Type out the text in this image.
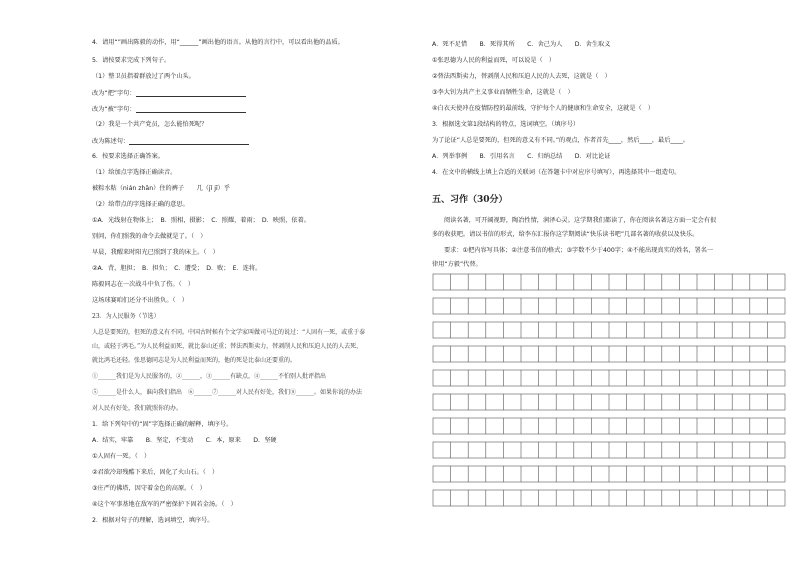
4．请用“”画出陈毅的动作，用“______”画出他的语言。从他的言行中，可以看出他的品质。
5．请按要求完成下列句子。
（1）整卫员指着群放过了两个山头。
改为“把”字句：
改为“被”字句：
（2）我是一个共产党员，怎么能怕死呢？
改为陈述句：
6．按要求选择正确答案。
（1）给加点字选择正确读音。
被粽水粘（nián zhān）住的裤子　　几（jǐ jī）乎
（2）给带点的字选择正确的意思。
①A．光线射在物体上；　B．照相，摄影；　C．照耀，着雨；　D．映照，依着。
别问，你们照我的命令去做就是了。（　）
早晨，我醒来时阳光已照到了我的床上。（　）
②A．背，胆担；　B．担负；　C．遭受；　D．败；　E．连将。
陈毅同志在一次战斗中负了伤。（　）
这场球赛咱们还分不出胜负。（　）
23．为人民服务（节选）
人总是要死的，但死的意义有不同。中国古时候有个文学家叫做司马迁的说过：“人固有一死，或重于泰
山，或轻于鸿毛。”为人民利益而死，就比泰山还重；替法西斯卖力，替剥削人民和压迫人民的人去死，
就比鸿毛还轻。张思德同志是为人民利益而死的，他的死是比泰山还要重的。
①______我们是为人民服务的，②______，③______有缺点，④______不怕别人批评指出
⑤______是什么人，谁向我们指出　⑥______⑦______对人民有好处，我们⑧______。如果你说的办法
对人民有好处，我们就照你的办。
1．给下列句中的“固”字选择正确的解释，填序号。
A．结实，牢靠　　B．坚定，不变动　　C．本，原来　　D．坚硬
①人固有一死。（　）
②君欲冷却残酷下来后，固化了火山石。（　）
③庄严的佛塔，因守着金色的高原。（　）
④这个军事基地在敌军的严密保护下固若金汤。（　）
2．根据对句子的理解，选词填空，填序号。
A．死不足惜　　B．死得其所　　C．舍己为人　　D．舍生取义
①张思德为人民的利益而死，可以说是（　）
②替法西斯卖力，替剥削人民和压迫人民的人去死，这就是（　）
③李大钊为共产主义事业而牺牲生命，这就是（　）
④白衣天使冲在疫情防控的最前线，守护每个人的健康和生命安全，这就是（　）
3．根据选文第1段结构的特点，选词填空。（填序号）
为了论证“人总是要死的，但死的意义有不同。”的观点，作者首先____，然后____，最后____。
A．列举事例　　B．引用名言　　C．归纳总结　　D．对比论证
4．在文中的横线上填上合适的关联词（在答题卡中对应序号填写），再选择其中一组造句。
五、习作（30分）
阅读名著，可开阔视野，陶冶性情，润泽心灵。这学期我们都读了，你在阅读名著这方面一定会有很
多的收获吧。请以书信的形式，给李东汇报你这学期阅读“快乐读书吧”几部名著的收获以及快乐。
要求：①把内容写具体；②注意书信的格式；③字数不少于400字；④不能出现真实的姓名，署名一
律用“方毅”代替。
